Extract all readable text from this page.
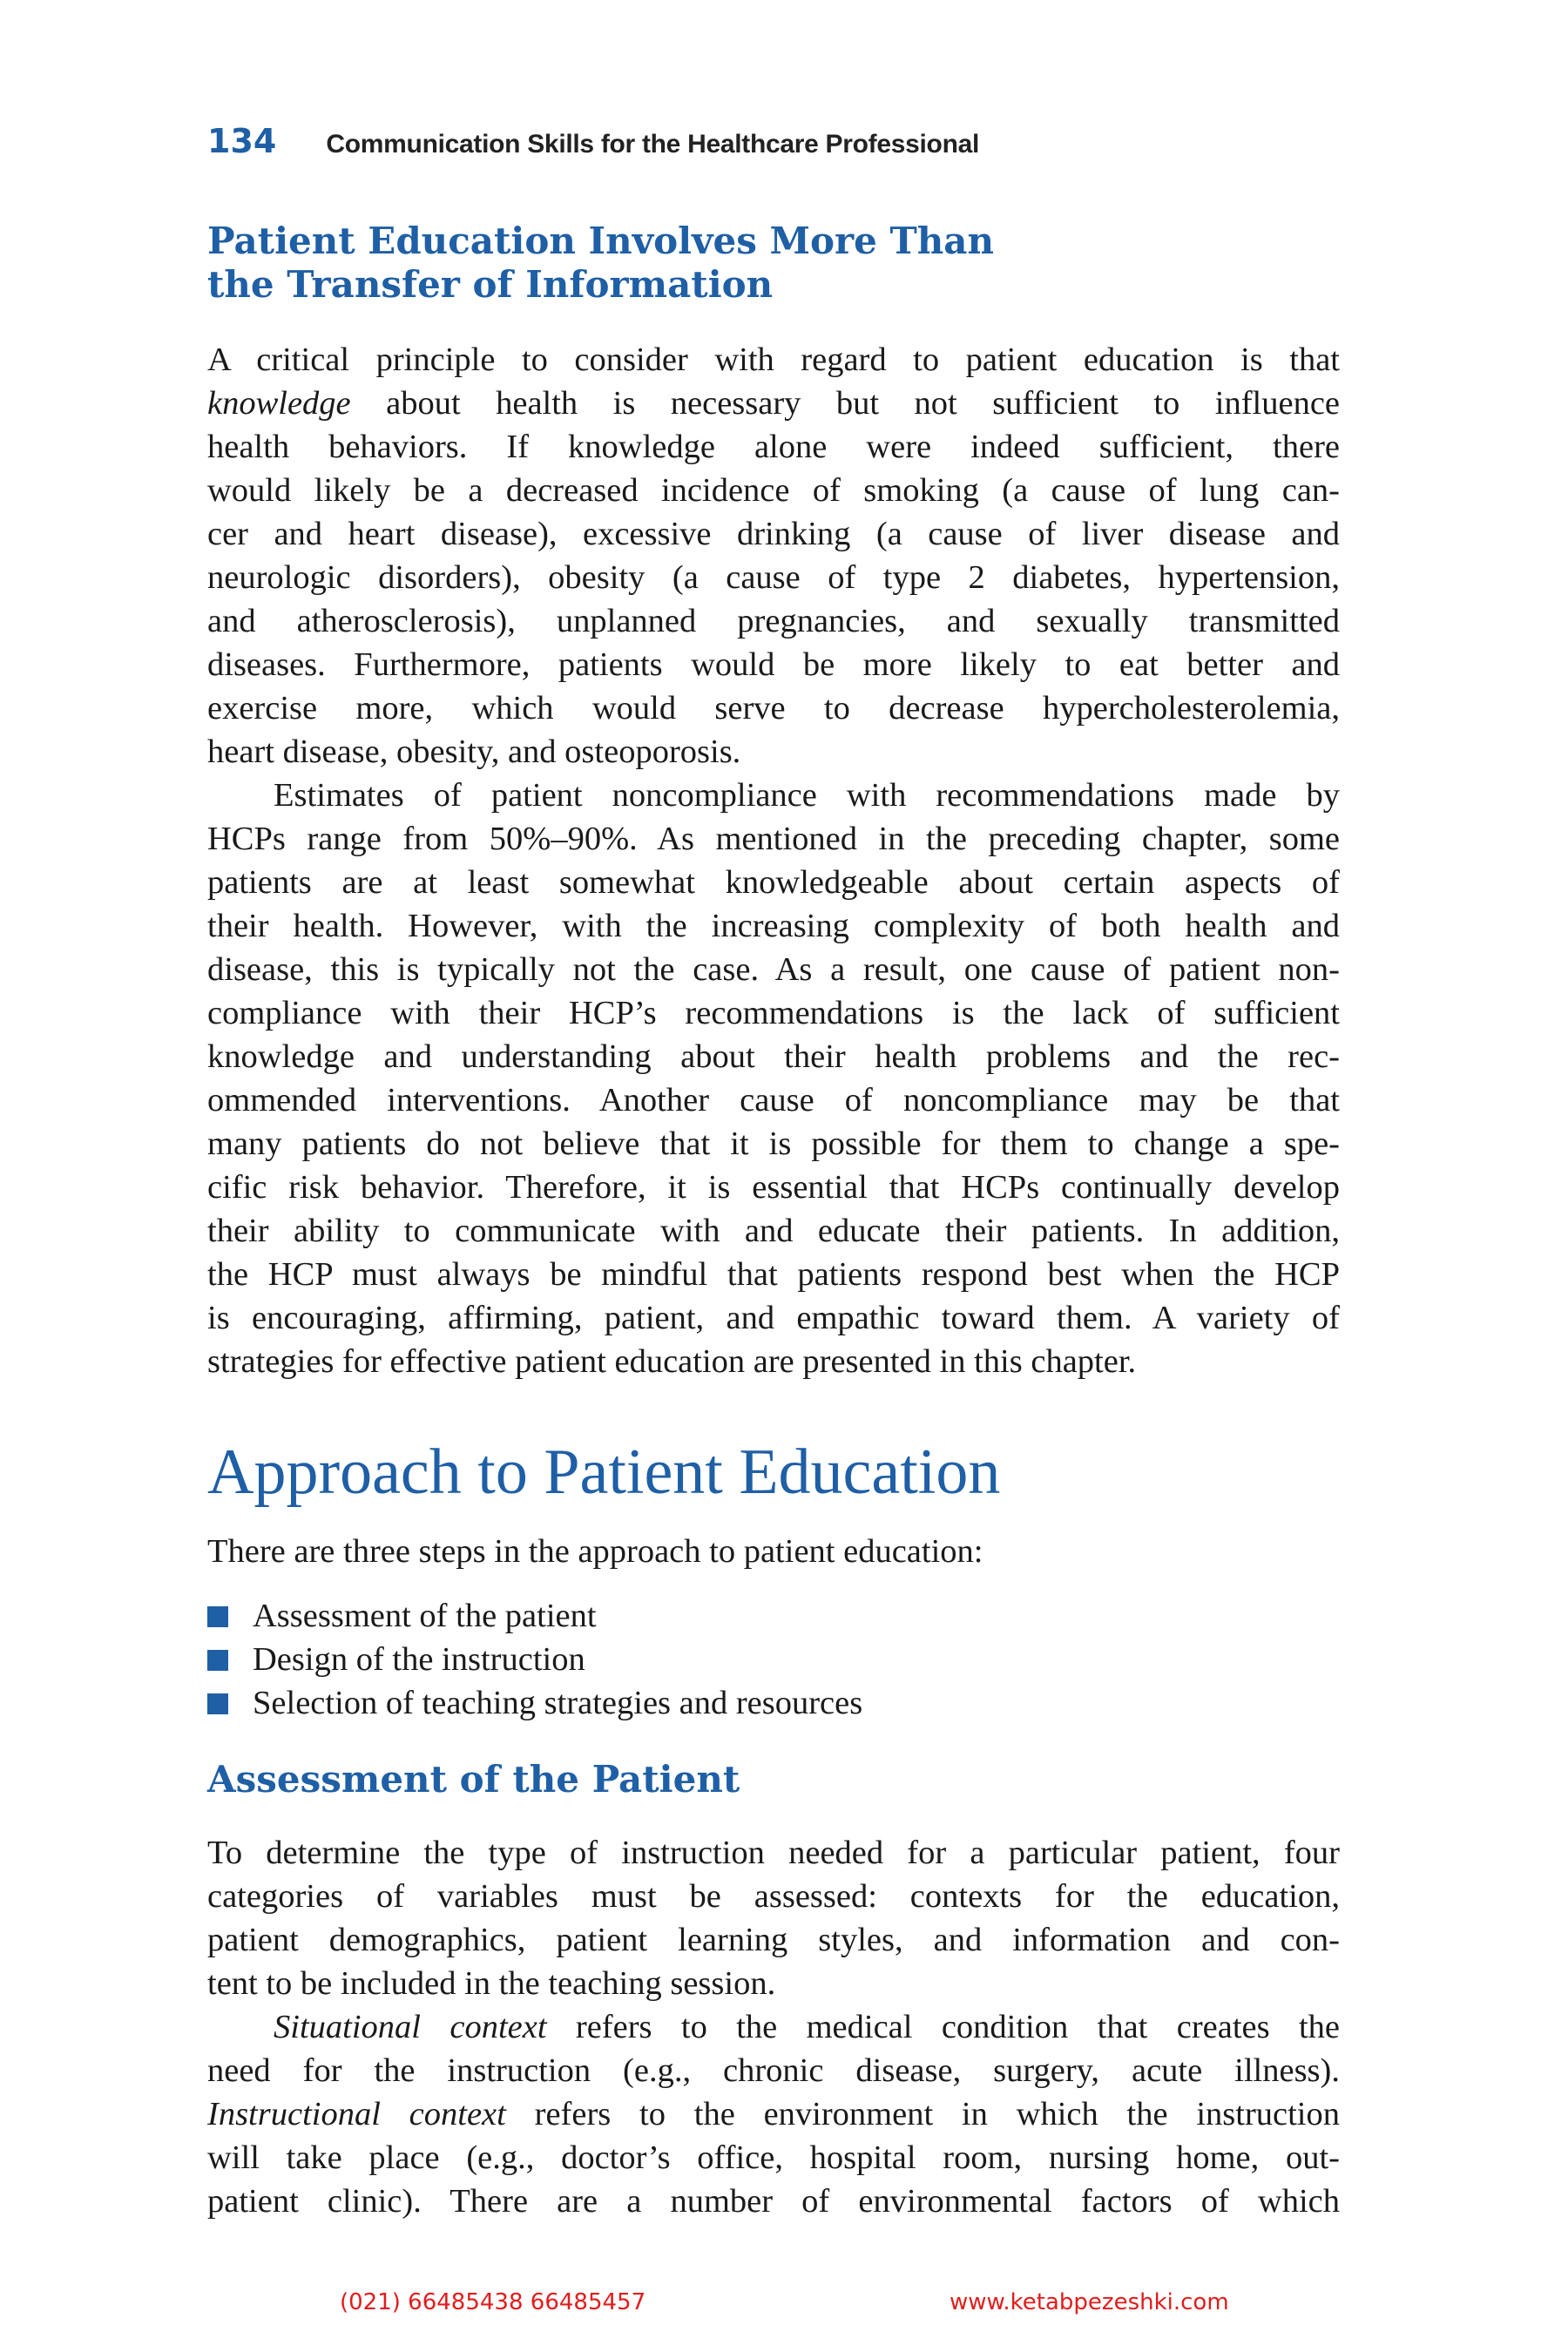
134 Communication Skills for the Healthcare Professional
Patient Education Involves More Than
the Transfer of Information

A critical principle to consider with regard to patient education is that
knowledge about health is necessary but not sufficient to influence
health behaviors. If knowledge alone were indeed sufficient, there
would likely be a decreased incidence of smoking (a cause of lung can-
cer and heart disease), excessive drinking (a cause of liver disease and
neurologic disorders), obesity (a cause of type 2 diabetes, hypertension,
and atherosclerosis), unplanned pregnancies, and sexually transmitted
diseases. Furthermore, patients would be more likely to eat better and
exercise more, which would serve to decrease hypercholesterolemia,
heart disease, obesity, and osteoporosis.

Estimates of patient noncompliance with recommendations made by
HCPs range from 50%–90%. As mentioned in the preceding chapter, some
patients are at least somewhat knowledgeable about certain aspects of
their health. However, with the increasing complexity of both health and
disease, this is typically not the case. As a result, one cause of patient non-
compliance with their HCP’s recommendations is the lack of sufficient
knowledge and understanding about their health problems and the rec-
ommended interventions. Another cause of noncompliance may be that
many patients do not believe that it is possible for them to change a spe-
cific risk behavior. Therefore, it is essential that HCPs continually develop
their ability to communicate with and educate their patients. In addition,
the HCP must always be mindful that patients respond best when the HCP
is encouraging, affirming, patient, and empathic toward them. A variety of
strategies for effective patient education are presented in this chapter.

Approach to Patient Education

There are three steps in the approach to patient education:

Assessment of the patient
Design of the instruction
Selection of teaching strategies and resources
Assessment of the Patient

To determine the type of instruction needed for a particular patient, four
categories of variables must be assessed: contexts for the education,
patient demographics, patient learning styles, and information and con-
tent to be included in the teaching session.

Situational context refers to the medical condition that creates the
need for the instruction (e.g., chronic disease, surgery, acute illness).
Instructional context refers to the environment in which the instruction
will take place (e.g., doctor’s office, hospital room, nursing home, out-
patient clinic). There are a number of environmental factors of which

(021) 66485438 66485457	www.ketabpezeshki.com
